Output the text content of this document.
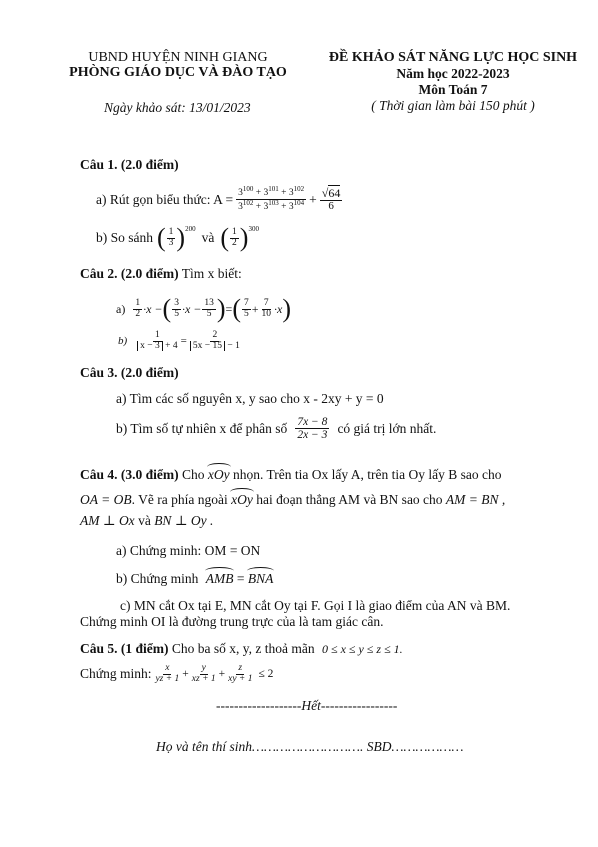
UBND HUYỆN NINH GIANG
PHÒNG GIÁO DỤC VÀ ĐÀO TẠO
ĐỀ KHẢO SÁT NĂNG LỰC HỌC SINH
Năm học 2022-2023
Môn Toán 7
Ngày khảo sát: 13/01/2023	( Thời gian làm bài 150 phút )
Câu 1. (2.0 điểm)
a) Rút gọn biểu thức: $A = \frac{3^{100} + 3^{101} + 3^{102}}{3^{102} + 3^{103} + 3^{104}} + \frac{√64}{6}$
b) So sánh ( $\frac{1}{3} )^{200}$
và ( $\frac{1}{2} )^{300}$
Câu 2. (2.0 điểm) Tìm x biết:
$a) \frac{1}{2} \cdot x$ − ( $\frac{3}{5} \cdot x - \frac{13}{5}$ ) = ( $\frac{7}{5} + \frac{7}{10} \cdot x$ )
$b) \frac{1}{x - 3 + 4} = \frac{2}{5x - 15 - 1}$
Câu 3. (2.0 điểm)
a) Tìm các số nguyên x, y sao cho x - 2xy + y = 0
b) Tìm số tự nhiên x để phân số $\frac{7x - 8}{2x - 3}$ có giá trị lớn nhất.
Câu 4. (3.0 điểm) Cho xOy nhọn. Trên tia Ox lấy A, trên tia Oy lấy B sao cho
OA = OB. Vẽ ra phía ngoài xOy hai đoạn thẳng AM và BN sao cho AM = BN ,
AM ⊥ Ox và BN ⊥ Oy .
a) Chứng minh: OM = ON
b) Chứng minh AMB = BNA
c) MN cắt Ox tại E, MN cắt Oy tại F. Gọi I là giao điểm của AN và BM.
Chứng minh OI là đường trung trực của là tam giác cân.
Câu 5. (1 điểm) Cho ba số x, y, z thoả mãn 0 ≤ x ≤ y ≤ z ≤ 1.
Chứng minh: $\frac{x}{yz + 1} + \frac{y}{xz + 1} + \frac{z}{xy + 1} \le 2$
-------------------Hết-----------------
Họ và tên thí sinh………………………. SBD………………
